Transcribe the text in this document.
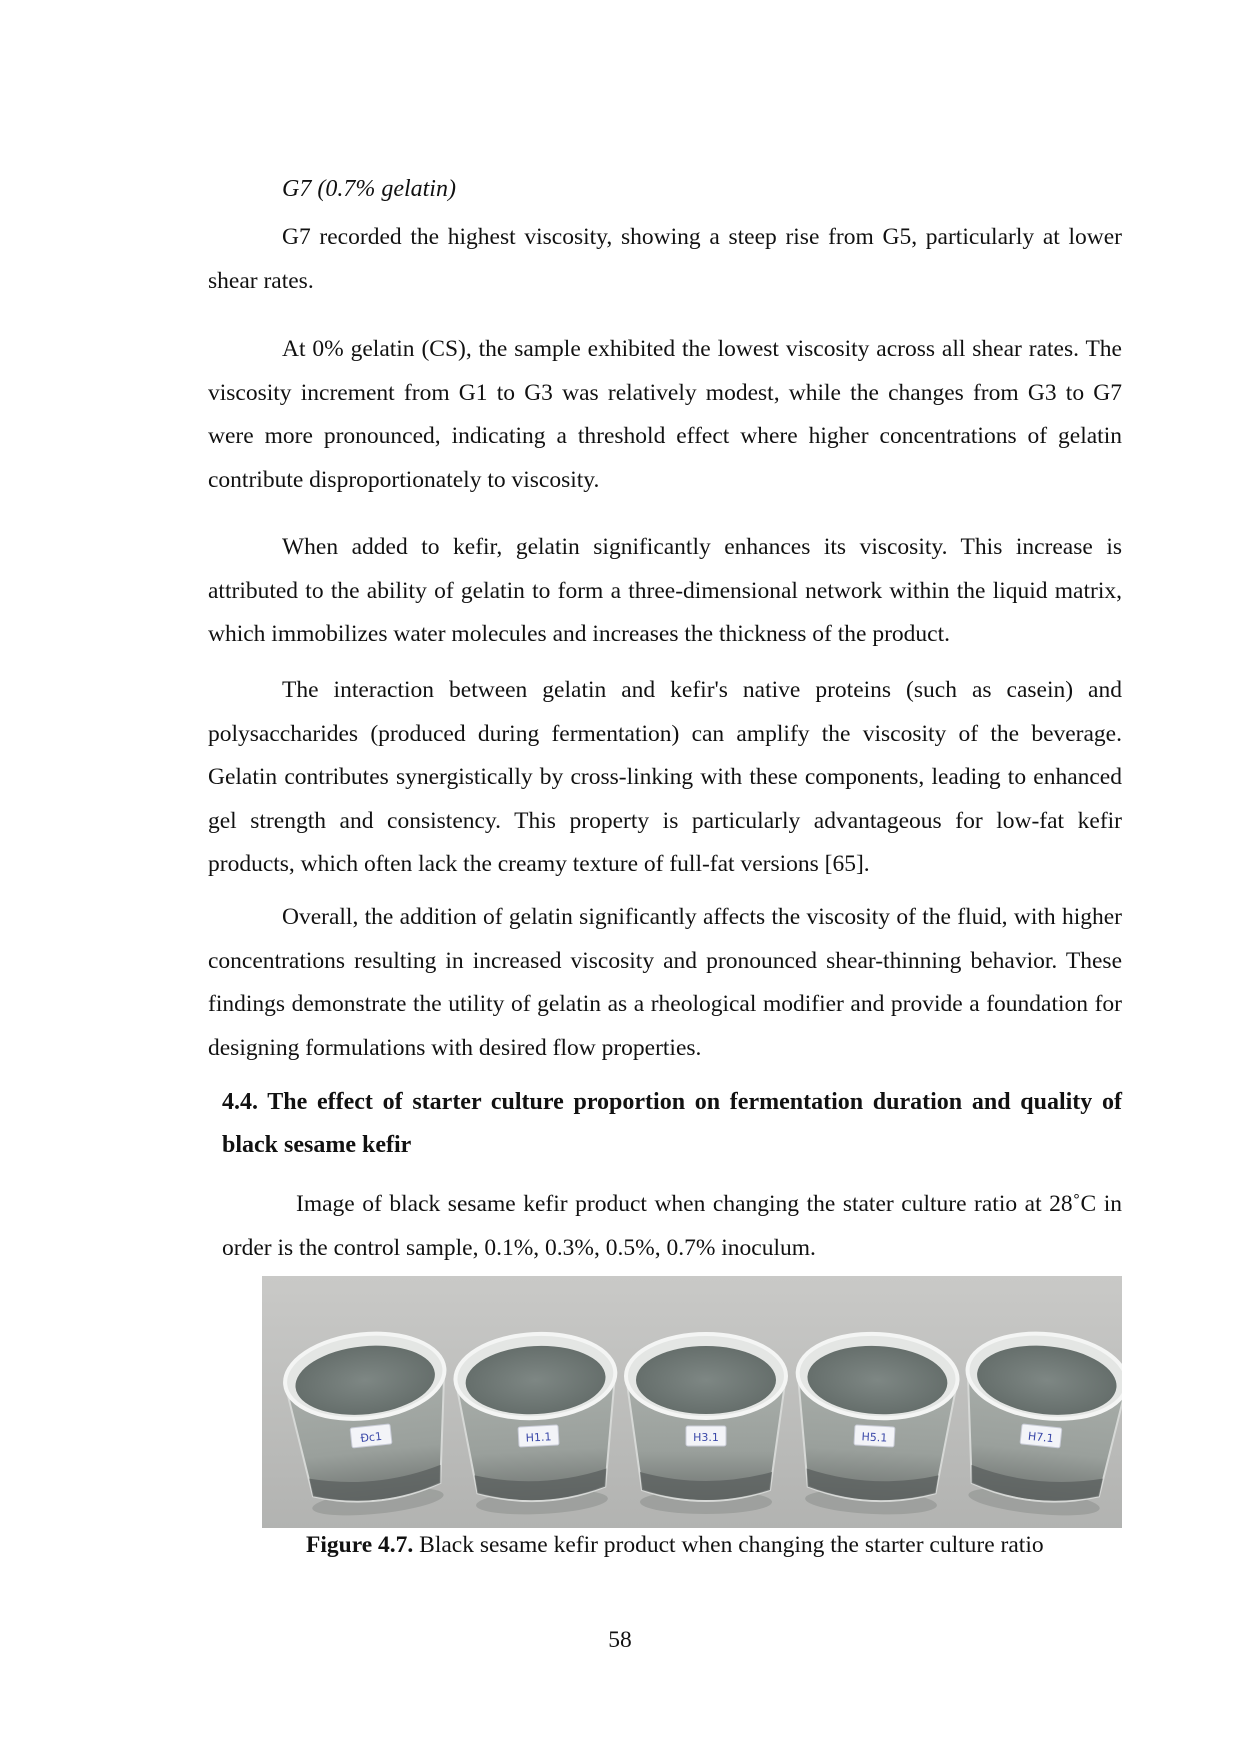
G7 (0.7% gelatin)

G7 recorded the highest viscosity, showing a steep rise from G5, particularly at lower shear rates.

At 0% gelatin (CS), the sample exhibited the lowest viscosity across all shear rates. The viscosity increment from G1 to G3 was relatively modest, while the changes from G3 to G7 were more pronounced, indicating a threshold effect where higher concentrations of gelatin contribute disproportionately to viscosity.

When added to kefir, gelatin significantly enhances its viscosity. This increase is attributed to the ability of gelatin to form a three-dimensional network within the liquid matrix, which immobilizes water molecules and increases the thickness of the product.

The interaction between gelatin and kefir's native proteins (such as casein) and polysaccharides (produced during fermentation) can amplify the viscosity of the beverage. Gelatin contributes synergistically by cross-linking with these components, leading to enhanced gel strength and consistency. This property is particularly advantageous for low-fat kefir products, which often lack the creamy texture of full-fat versions [65].

Overall, the addition of gelatin significantly affects the viscosity of the fluid, with higher concentrations resulting in increased viscosity and pronounced shear-thinning behavior. These findings demonstrate the utility of gelatin as a rheological modifier and provide a foundation for designing formulations with desired flow properties.

4.4. The effect of starter culture proportion on fermentation duration and quality of black sesame kefir

Image of black sesame kefir product when changing the stater culture ratio at 28˚C in order is the control sample, 0.1%, 0.3%, 0.5%, 0.7% inoculum.

Đc1	H1.1	H3.1	H5.1	H7.1
Figure 4.7. Black sesame kefir product when changing the starter culture ratio
58
